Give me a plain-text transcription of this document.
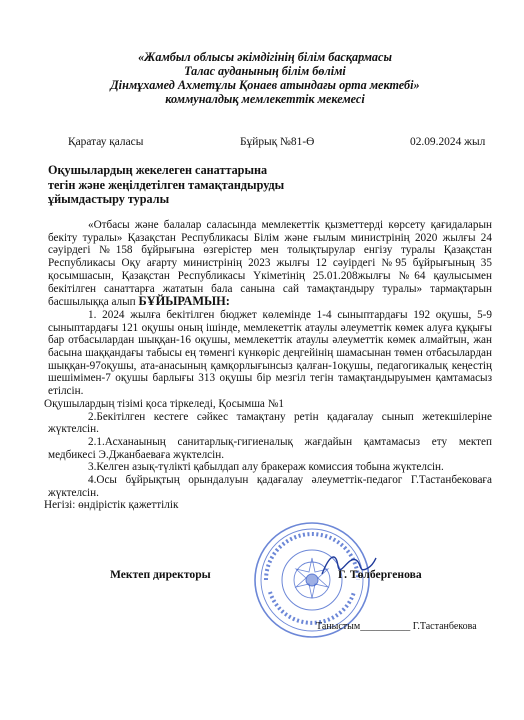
«Жамбыл облысы әкімдігінің білім басқармасы
Талас ауданының білім бөлімі
Дінмұхамед Ахметұлы Қонаев атындағы орта мектебі»
коммуналдық мемлекеттік мекемесі
Қаратау қаласы	Бұйрық №81-Ө	02.09.2024 жыл
Оқушылардың жекелеген санаттарына
тегін және жеңілдетілген тамақтандыруды
ұйымдастыру туралы

«Отбасы және балалар саласында мемлекеттік қызметтерді көрсету қағидаларын бекіту туралы» Қазақстан Республикасы Білім және ғылым министрінің 2020 жылғы 24 сәуірдегі №158 бұйрығына өзгерістер мен толықтырулар енгізу туралы Қазақстан Республикасы Оқу ағарту министрінің 2023 жылғы 12 сәуірдегі №95 бұйрығының 35 қосымшасын, Қазақстан Республикасы Үкіметінің 25.01.208жылғы №64 қаулысымен бекітілген санаттарға жататын бала санына сай тамақтандыру туралы» тармақтарын басшылыққа алып БҰЙЫРАМЫН:

1. 2024 жылға бекітілген бюджет көлемінде 1-4 сыныптардағы 192 оқушы, 5-9 сыныптардағы 121 оқушы оның ішінде, мемлекеттік атаулы әлеуметтік көмек алуға құқығы бар отбасылардан шыққан-16 оқушы, мемлекеттік атаулы әлеуметтік көмек алмайтын, жан басына шаққандағы табысы ең төменгі күнкөріс деңгейінің шамасынан төмен отбасылардан шыққан-97оқушы, ата-анасының қамқорлығынсыз қалған-1оқушы, педагогикалық кеңестің шешімімен-7 оқушы барлығы 313 оқушы бір мезгіл тегін тамақтандыруымен қамтамасыз етілсін.

Оқушылардың тізімі қоса тіркеледі, Қосымша №1

2.Бекітілген кестеге сәйкес тамақтану ретін қадағалау сынып жетекшілеріне жүктелсін.

2.1.Асханаының санитарлық-гигиеналық жағдайын қамтамасыз ету мектеп медбикесі Э.Джанбаеваға жүктелсін.

3.Келген азық-түлікті қабылдап алу бракераж комиссия тобына жүктелсін.

4.Осы бұйрықтың орындалуын қадағалау әлеуметтік-педагог Г.Тастанбековаға жүктелсін.

Негізі: өндірістік қажеттілік

Мектеп директоры	Г. Төлбергенова
Таныстым__________ Г.Тастанбекова
